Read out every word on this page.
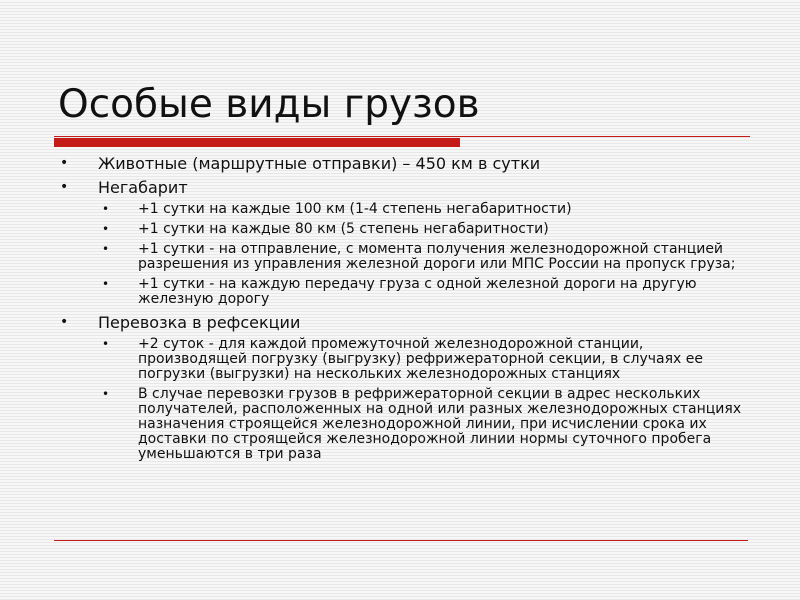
Особые виды грузов
• Животные (маршрутные отправки) – 450 км в сутки
• Негабарит
• +1 сутки на каждые 100 км (1-4 степень негабаритности)
• +1 сутки на каждые 80 км (5 степень негабаритности)
• +1 сутки - на отправление, с момента получения железнодорожной станцией разрешения из управления железной дороги или МПС России на пропуск груза;
• +1 сутки - на каждую передачу груза с одной железной дороги на другую железную дорогу
• Перевозка в рефсекции
• +2 суток - для каждой промежуточной железнодорожной станции, производящей погрузку (выгрузку) рефрижераторной секции, в случаях ее погрузки (выгрузки) на нескольких железнодорожных станциях
• В случае перевозки грузов в рефрижераторной секции в адрес нескольких получателей, расположенных на одной или разных железнодорожных станциях назначения строящейся железнодорожной линии, при исчислении срока их доставки по строящейся железнодорожной линии нормы суточного пробега уменьшаются в три раза
